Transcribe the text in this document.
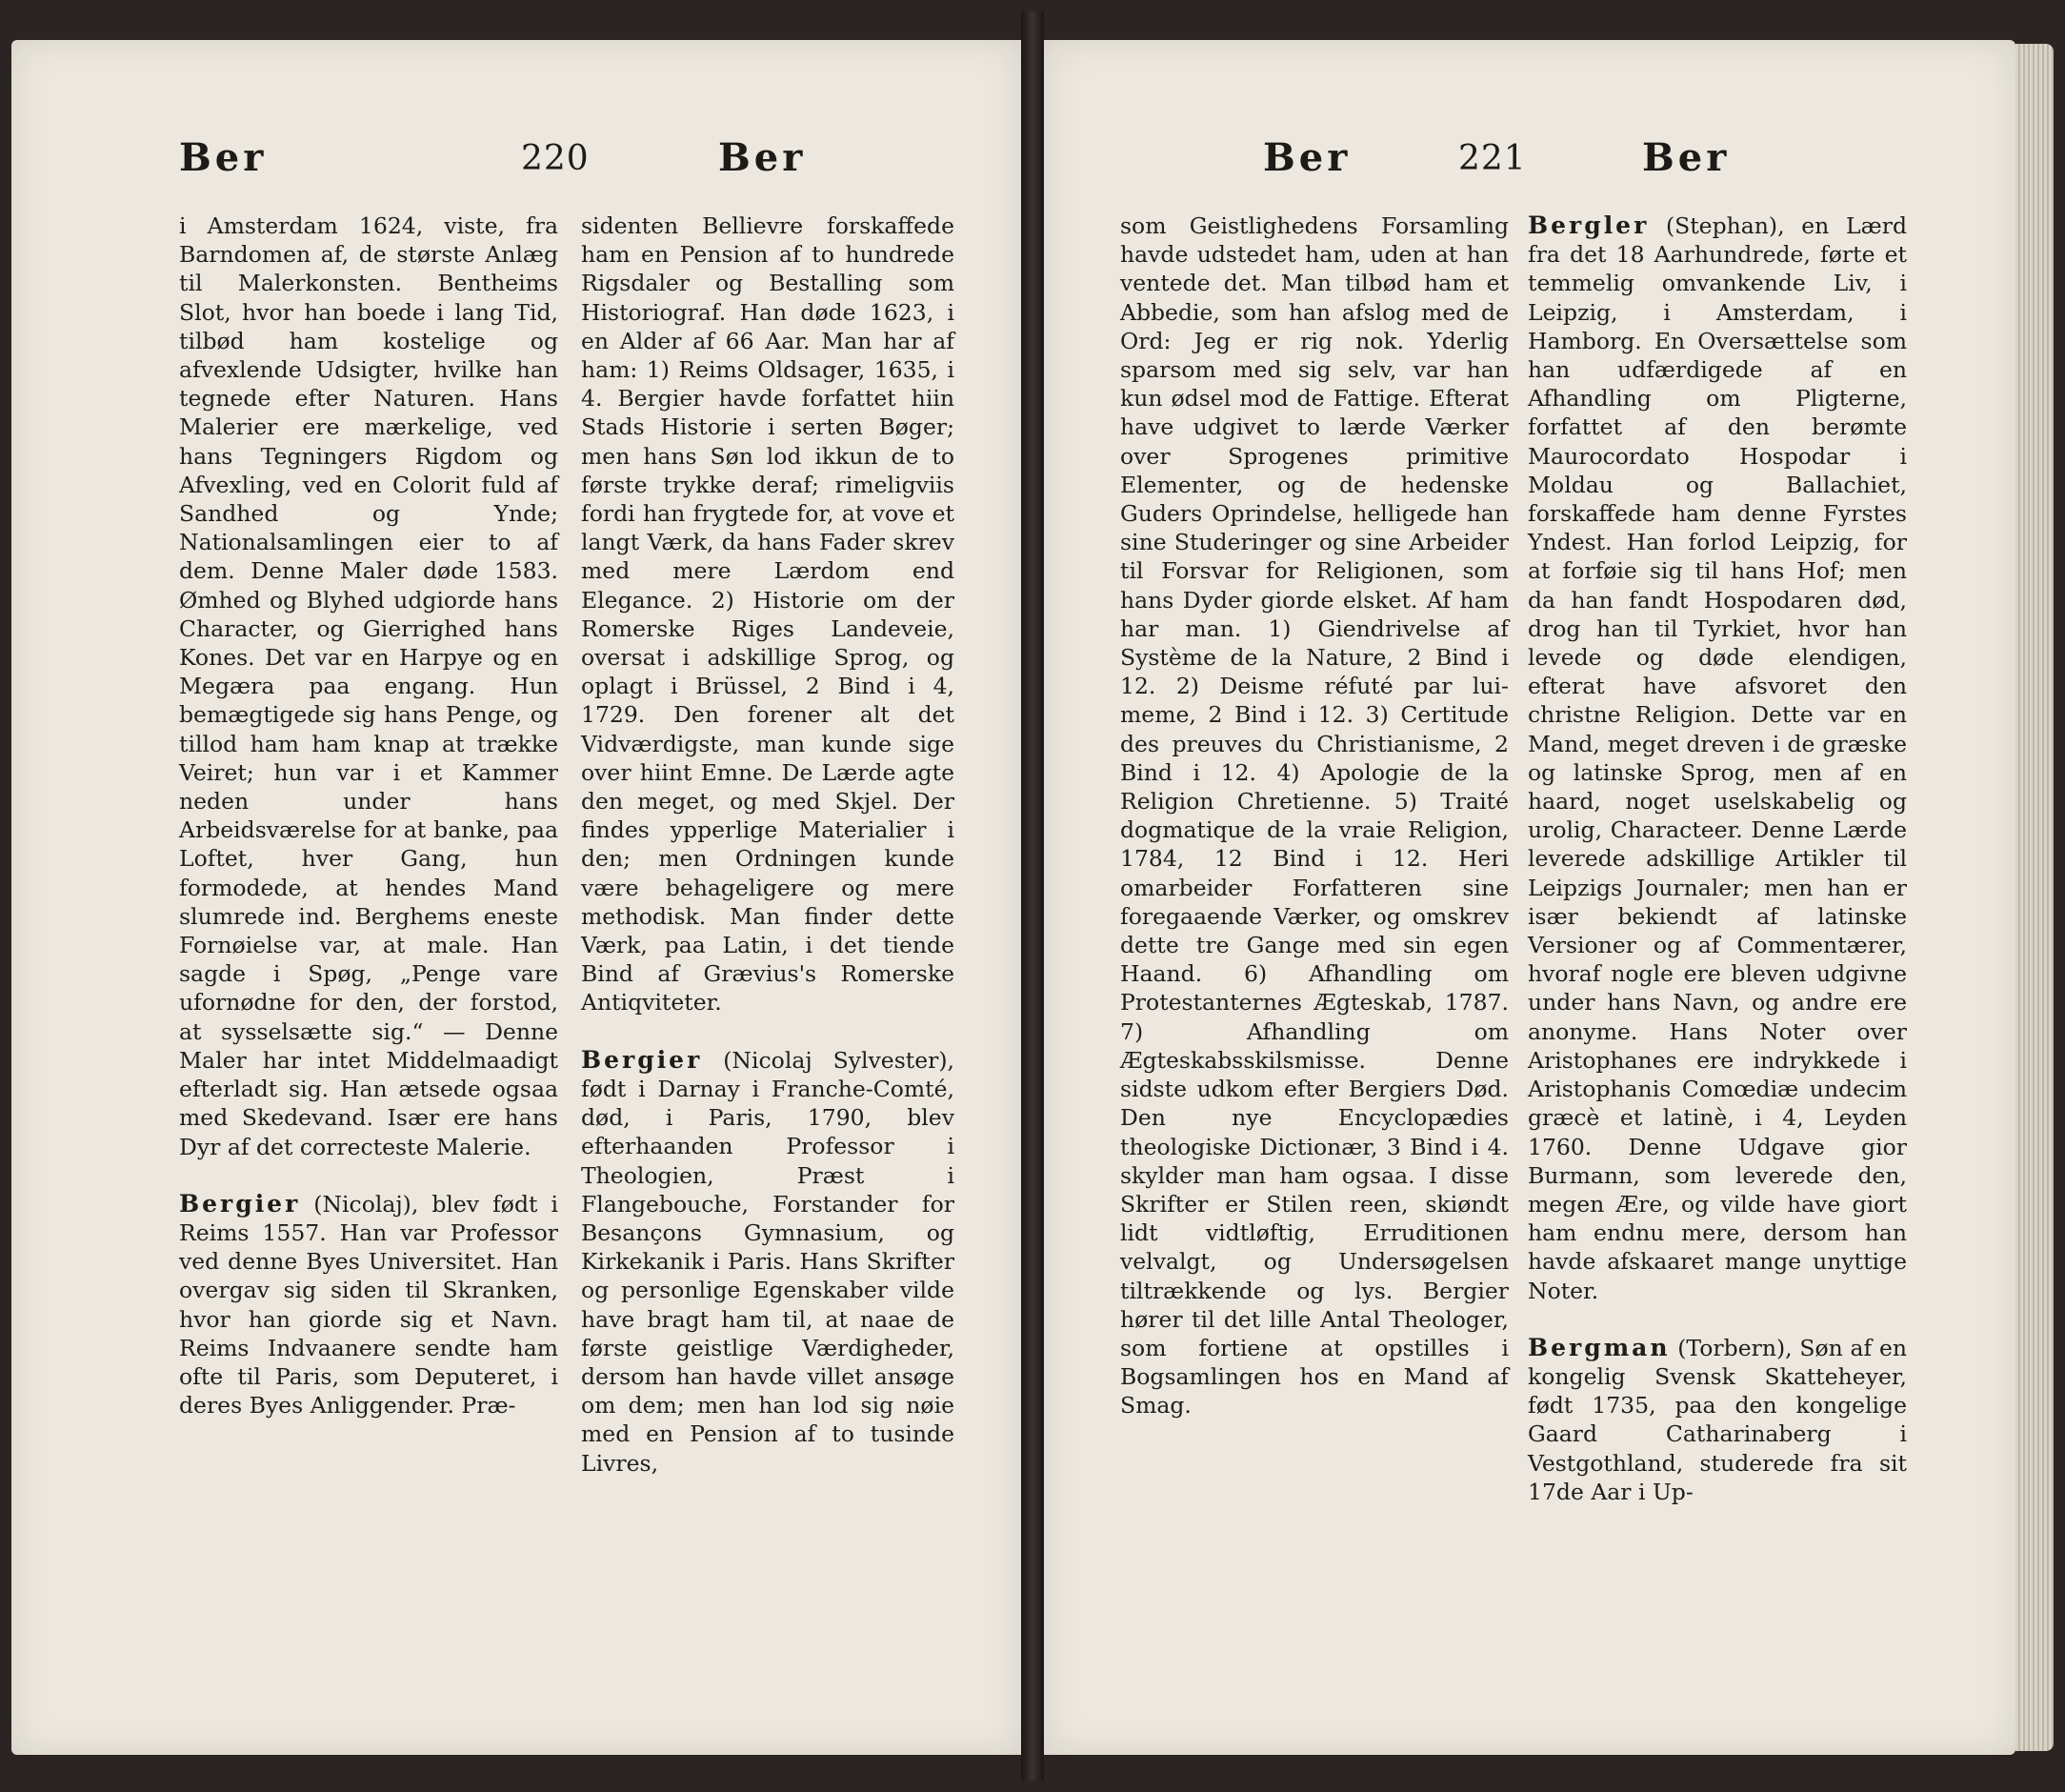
Ber	220	Ber

i Amsterdam 1624, viste, fra Barndomen af, de største Anlæg til Malerkonsten. Bentheims Slot, hvor han boede i lang Tid, tilbød ham kostelige og afvexlende Udsigter, hvilke han tegnede efter Naturen. Hans Malerier ere mærkelige, ved hans Tegningers Rigdom og Afvexling, ved en Colorit fuld af Sandhed og Ynde; Nationalsamlingen eier to af dem. Denne Maler døde 1583. Ømhed og Blyhed udgiorde hans Character, og Gierrighed hans Kones. Det var en Harpye og en Megæra paa engang. Hun bemægtigede sig hans Penge, og tillod ham ham knap at trække Veiret; hun var i et Kammer neden under hans Arbeidsværelse for at banke, paa Loftet, hver Gang, hun formodede, at hendes Mand slumrede ind. Berghems eneste Fornøielse var, at male. Han sagde i Spøg, „Penge vare ufornødne for den, der forstod, at sysselsætte sig.“ — Denne Maler har intet Middelmaadigt efterladt sig. Han ætsede ogsaa med Skedevand. Især ere hans Dyr af det correcteste Malerie.

Bergier (Nicolaj), blev født i Reims 1557. Han var Professor ved denne Byes Universitet. Han overgav sig siden til Skranken, hvor han giorde sig et Navn. Reims Indvaanere sendte ham ofte til Paris, som Deputeret, i deres Byes Anliggender. Præ-

sidenten Bellievre forskaffede ham en Pension af to hundrede Rigsdaler og Bestalling som Historiograf. Han døde 1623, i en Alder af 66 Aar. Man har af ham: 1) Reims Oldsager, 1635, i 4. Bergier havde forfattet hiin Stads Historie i serten Bøger; men hans Søn lod ikkun de to første trykke deraf; rimeligviis fordi han frygtede for, at vove et langt Værk, da hans Fader skrev med mere Lærdom end Elegance. 2) Historie om der Romerske Riges Landeveie, oversat i adskillige Sprog, og oplagt i Brüssel, 2 Bind i 4, 1729. Den forener alt det Vidværdigste, man kunde sige over hiint Emne. De Lærde agte den meget, og med Skjel. Der findes ypperlige Materialier i den; men Ordningen kunde være behageligere og mere methodisk. Man finder dette Værk, paa Latin, i det tiende Bind af Grævius's Romerske Antiqviteter.

Bergier (Nicolaj Sylvester), født i Darnay i Franche-Comté, død, i Paris, 1790, blev efterhaanden Professor i Theologien, Præst i Flangebouche, Forstander for Besançons Gymnasium, og Kirkekanik i Paris. Hans Skrifter og personlige Egenskaber vilde have bragt ham til, at naae de første geistlige Værdigheder, dersom han havde villet ansøge om dem; men han lod sig nøie med en Pension af to tusinde Livres,

Ber	221	Ber

som Geistlighedens Forsamling havde udstedet ham, uden at han ventede det. Man tilbød ham et Abbedie, som han afslog med de Ord: Jeg er rig nok. Yderlig sparsom med sig selv, var han kun ødsel mod de Fattige. Efterat have udgivet to lærde Værker over Sprogenes primitive Elementer, og de hedenske Guders Oprindelse, helligede han sine Studeringer og sine Arbeider til Forsvar for Religionen, som hans Dyder giorde elsket. Af ham har man. 1) Giendrivelse af Système de la Nature, 2 Bind i 12. 2) Deisme réfuté par lui-meme, 2 Bind i 12. 3) Certitude des preuves du Christianisme, 2 Bind i 12. 4) Apologie de la Religion Chretienne. 5) Traité dogmatique de la vraie Religion, 1784, 12 Bind i 12. Heri omarbeider Forfatteren sine foregaaende Værker, og omskrev dette tre Gange med sin egen Haand. 6) Afhandling om Protestanternes Ægteskab, 1787. 7) Afhandling om Ægteskabsskilsmisse. Denne sidste udkom efter Bergiers Død. Den nye Encyclopædies theologiske Dictionær, 3 Bind i 4. skylder man ham ogsaa. I disse Skrifter er Stilen reen, skiøndt lidt vidtløftig, Erruditionen velvalgt, og Undersøgelsen tiltrækkende og lys. Bergier hører til det lille Antal Theologer, som fortiene at opstilles i Bogsamlingen hos en Mand af Smag.

Bergler (Stephan), en Lærd fra det 18 Aarhundrede, førte et temmelig omvankende Liv, i Leipzig, i Amsterdam, i Hamborg. En Oversættelse som han udfærdigede af en Afhandling om Pligterne, forfattet af den berømte Maurocordato Hospodar i Moldau og Ballachiet, forskaffede ham denne Fyrstes Yndest. Han forlod Leipzig, for at forføie sig til hans Hof; men da han fandt Hospodaren død, drog han til Tyrkiet, hvor han levede og døde elendigen, efterat have afsvoret den christne Religion. Dette var en Mand, meget dreven i de græske og latinske Sprog, men af en haard, noget uselskabelig og urolig, Characteer. Denne Lærde leverede adskillige Artikler til Leipzigs Journaler; men han er især bekiendt af latinske Versioner og af Commentærer, hvoraf nogle ere bleven udgivne under hans Navn, og andre ere anonyme. Hans Noter over Aristophanes ere indrykkede i Aristophanis Comœdiæ undecim græcè et latinè, i 4, Leyden 1760. Denne Udgave gior Burmann, som leverede den, megen Ære, og vilde have giort ham endnu mere, dersom han havde afskaaret mange unyttige Noter.

Bergman (Torbern), Søn af en kongelig Svensk Skatteheyer, født 1735, paa den kongelige Gaard Catharinaberg i Vestgothland, studerede fra sit 17de Aar i Up-
